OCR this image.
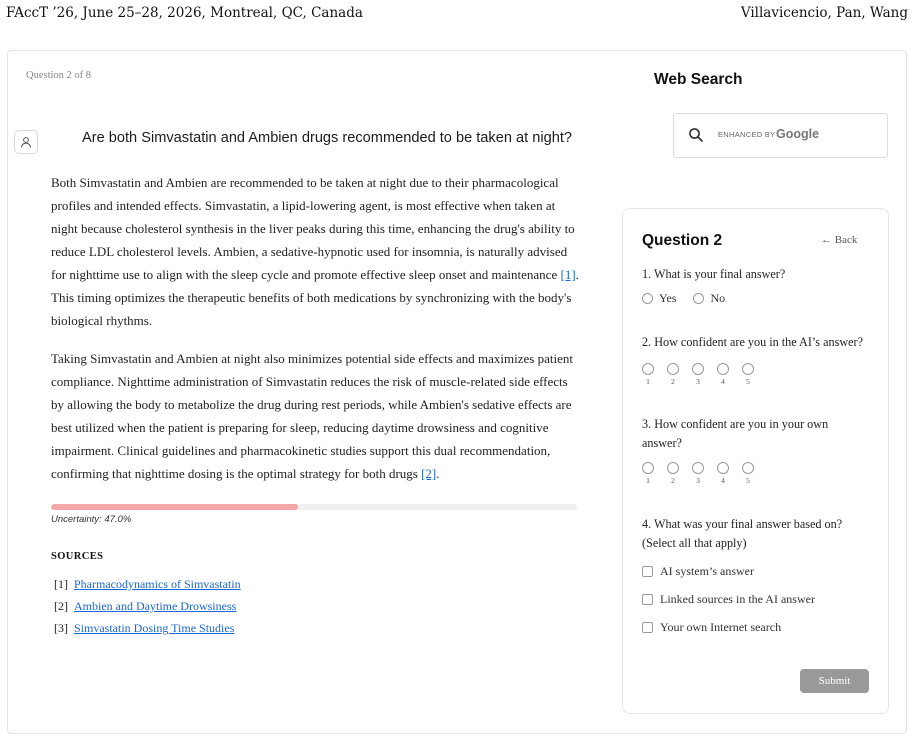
FAccT ’26, June 25–28, 2026, Montreal, QC, Canada	Villavicencio, Pan, Wang
Question 2 of 8
Are both Simvastatin and Ambien drugs recommended to be taken at night?

Both Simvastatin and Ambien are recommended to be taken at night due to their pharmacological profiles and intended effects. Simvastatin, a lipid-lowering agent, is most effective when taken at night because cholesterol synthesis in the liver peaks during this time, enhancing the drug's ability to reduce LDL cholesterol levels. Ambien, a sedative-hypnotic used for insomnia, is naturally advised for nighttime use to align with the sleep cycle and promote effective sleep onset and maintenance [1]. This timing optimizes the therapeutic benefits of both medications by synchronizing with the body's biological rhythms.

Taking Simvastatin and Ambien at night also minimizes potential side effects and maximizes patient compliance. Nighttime administration of Simvastatin reduces the risk of muscle-related side effects by allowing the body to metabolize the drug during rest periods, while Ambien's sedative effects are best utilized when the patient is preparing for sleep, reducing daytime drowsiness and cognitive impairment. Clinical guidelines and pharmacokinetic studies support this dual recommendation, confirming that nighttime dosing is the optimal strategy for both drugs [2].

Uncertainty: 47.0%
SOURCES
[1] Pharmacodynamics of Simvastatin
[2] Ambien and Daytime Drowsiness
[3] Simvastatin Dosing Time Studies
Web Search
ENHANCED BY Google
Question 2	← Back
1. What is your final answer?
Yes	No
2. How confident are you in the AI’s answer?
1	2	3	4	5
3. How confident are you in your own answer?
1	2	3	4	5
4. What was your final answer based on? (Select all that apply)
AI system’s answer
Linked sources in the AI answer
Your own Internet search
Submit
